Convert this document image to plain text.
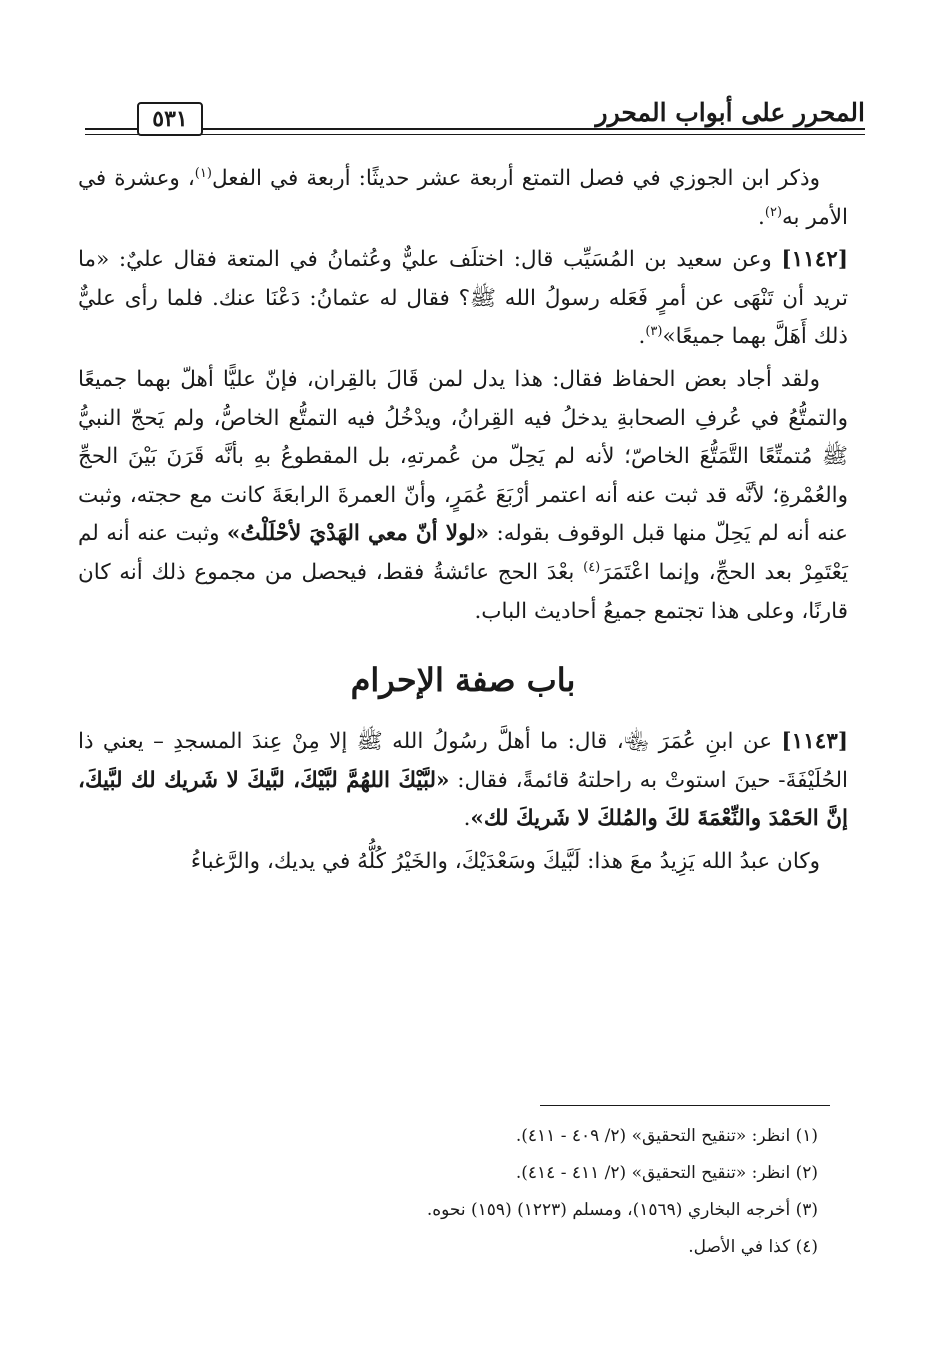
المحرر على أبواب المحرر
٥٣١

وذكر ابن الجوزي في فصل التمتع أربعة عشر حديثًا: أربعة في الفعل$^{(١)}$، وعشرة في الأمر به$^{(٢)}$.

[١١٤٢] وعن سعيد بن المُسَيِّب قال: اختلَف عليٌّ وعُثمانُ في المتعة فقال عليٌ: «ما تريد أن تَنْهَى عن أمرٍ فَعَله رسولُ الله ﷺ؟ فقال له عثمانُ: دَعْنَا عنك. فلما رأى عليٌّ ذلك أَهَلَّ بهما جميعًا»$^{(٣)}$.

ولقد أجاد بعض الحفاظ فقال: هذا يدل لمن قَالَ بالقِران، فإنّ عليًّا أهلّ بهما جميعًا والتمتُّعُ في عُرفِ الصحابةِ يدخلُ فيه القِرانُ، ويدْخُلُ فيه التمتُّع الخاصُّ، ولم يَحجّ النبيُّ ﷺ مُتمتِّعًا التَّمَتُّعَ الخاصّ؛ لأنه لم يَحِلّ من عُمرتهِ، بل المقطوعُ بهِ بأنَّه قَرَنَ بَيْنَ الحجِّ والعُمْرةِ؛ لأنَّه قد ثبت عنه أنه اعتمر أرْبَعَ عُمَرٍ، وأنّ العمرةَ الرابعَةَ كانت مع حجته، وثبت عنه أنه لم يَحِلّ منها قبل الوقوف بقوله: «لولا أنّ معي الهَدْيَ لأحْلَلْتُ» وثبت عنه أنه لم يَعْتَمِرْ بعد الحجِّ، وإنما اعْتَمَرَ$^{(٤)}$ بعْدَ الحج عائشةُ فقط، فيحصل من مجموع ذلك أنه كان قارنًا، وعلى هذا تجتمع جميعُ أحاديث الباب.

باب صفة الإحرام

[١١٤٣] عن ابنِ عُمَرَ ﵄، قال: ما أهلَّ رسُولُ الله ﷺ إلا مِنْ عِندَ المسجدِ – يعني ذا الحُلَيْفَةَ- حينَ استوتْ به راحلتهُ قائمةً، فقال: «لبَّيْكَ اللهُمَّ لبَّيْكَ، لبَّيكَ لا شَريك لك لبَّيكَ، إنَّ الحَمْدَ والنِّعْمَةَ لكَ والمُلكَ لا شَريكَ لك».

وكان عبدُ الله يَزِيدُ معَ هذا: لَبَّيكَ وسَعْدَيْكَ، والخَيْرُ كُلُّهُ في يديك، والرَّغباءُ

(١) انظر: «تنقيح التحقيق» (٢/ ٤٠٩ - ٤١١).
(٢) انظر: «تنقيح التحقيق» (٢/ ٤١١ - ٤١٤).
(٣) أخرجه البخاري (١٥٦٩)، ومسلم (١٢٢٣) (١٥٩) نحوه.
(٤) كذا في الأصل.
